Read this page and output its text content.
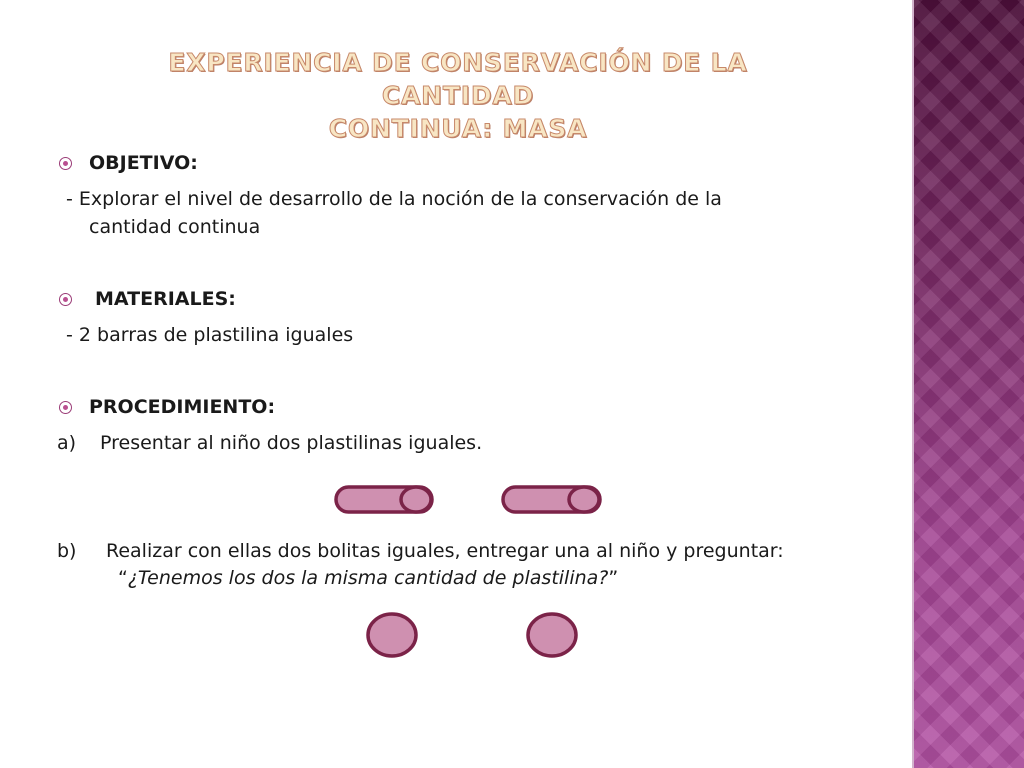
EXPERIENCIA DE CONSERVACIÓN DE LA CANTIDAD
CONTINUA: MASA
OBJETIVO:
- Explorar el nivel de desarrollo de la noción de la conservación de la
cantidad continua
MATERIALES:
- 2 barras de plastilina iguales
PROCEDIMIENTO:
a) Presentar al niño dos plastilinas iguales.
b) Realizar con ellas dos bolitas iguales, entregar una al niño y preguntar:
“¿Tenemos los dos la misma cantidad de plastilina?”
